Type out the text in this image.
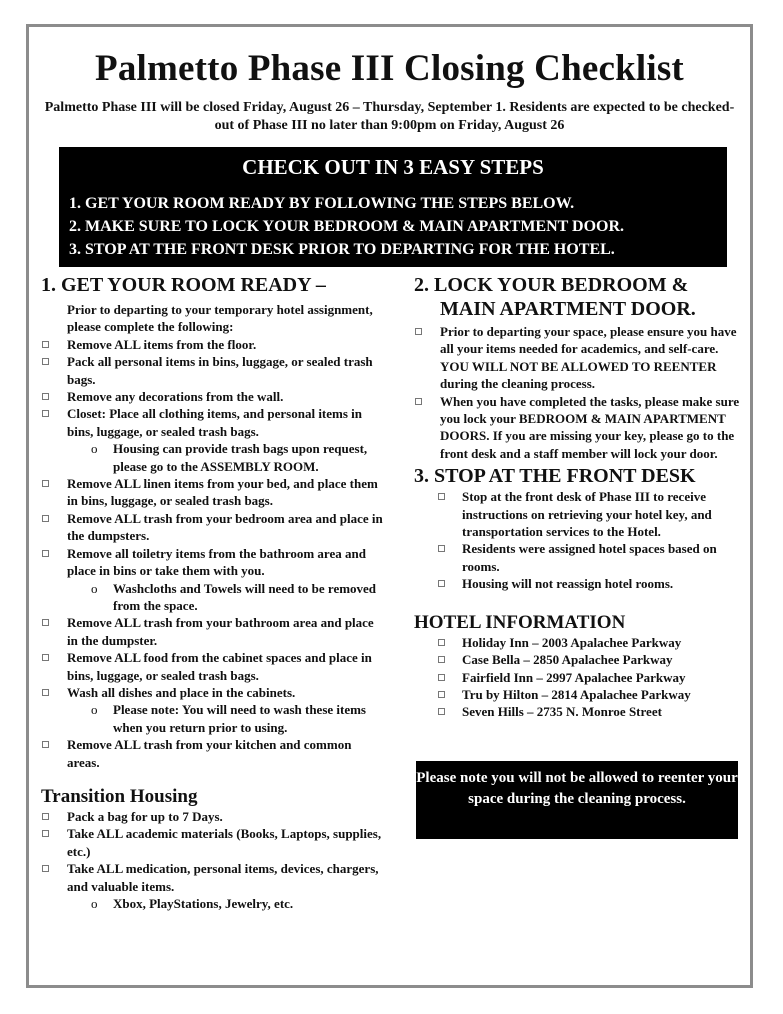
Palmetto Phase III Closing Checklist
Palmetto Phase III will be closed Friday, August 26 – Thursday, September 1. Residents are expected to be checked-out of Phase III no later than 9:00pm on Friday, August 26
CHECK OUT IN 3 EASY STEPS
1. GET YOUR ROOM READY BY FOLLOWING THE STEPS BELOW.
2. MAKE SURE TO LOCK YOUR BEDROOM & MAIN APARTMENT DOOR.
3. STOP AT THE FRONT DESK PRIOR TO DEPARTING FOR THE HOTEL.
1. GET YOUR ROOM READY –

Prior to departing to your temporary hotel assignment, please complete the following:

Remove ALL items from the floor.
Pack all personal items in bins, luggage, or sealed trash bags.
Remove any decorations from the wall.
Closet: Place all clothing items, and personal items in bins, luggage, or sealed trash bags.
o Housing can provide trash bags upon request, please go to the ASSEMBLY ROOM.
Remove ALL linen items from your bed, and place them in bins, luggage, or sealed trash bags.
Remove ALL trash from your bedroom area and place in the dumpsters.
Remove all toiletry items from the bathroom area and place in bins or take them with you.
o Washcloths and Towels will need to be removed from the space.
Remove ALL trash from your bathroom area and place in the dumpster.
Remove ALL food from the cabinet spaces and place in bins, luggage, or sealed trash bags.
Wash all dishes and place in the cabinets.
o Please note: You will need to wash these items when you return prior to using.
Remove ALL trash from your kitchen and common areas.
Transition Housing
Pack a bag for up to 7 Days.
Take ALL academic materials (Books, Laptops, supplies, etc.)
Take ALL medication, personal items, devices, chargers, and valuable items.
o Xbox, PlayStations, Jewelry, etc.
2. LOCK YOUR BEDROOM &
MAIN APARTMENT DOOR.
Prior to departing your space, please ensure you have all your items needed for academics, and self-care. YOU WILL NOT BE ALLOWED TO REENTER during the cleaning process.
When you have completed the tasks, please make sure you lock your BEDROOM & MAIN APARTMENT DOORS. If you are missing your key, please go to the front desk and a staff member will lock your door.
3. STOP AT THE FRONT DESK
Stop at the front desk of Phase III to receive instructions on retrieving your hotel key, and transportation services to the Hotel.
Residents were assigned hotel spaces based on rooms.
Housing will not reassign hotel rooms.
HOTEL INFORMATION
Holiday Inn – 2003 Apalachee Parkway
Case Bella – 2850 Apalachee Parkway
Fairfield Inn – 2997 Apalachee Parkway
Tru by Hilton – 2814 Apalachee Parkway
Seven Hills – 2735 N. Monroe Street
Please note you will not be allowed to reenter your space during the cleaning process.
